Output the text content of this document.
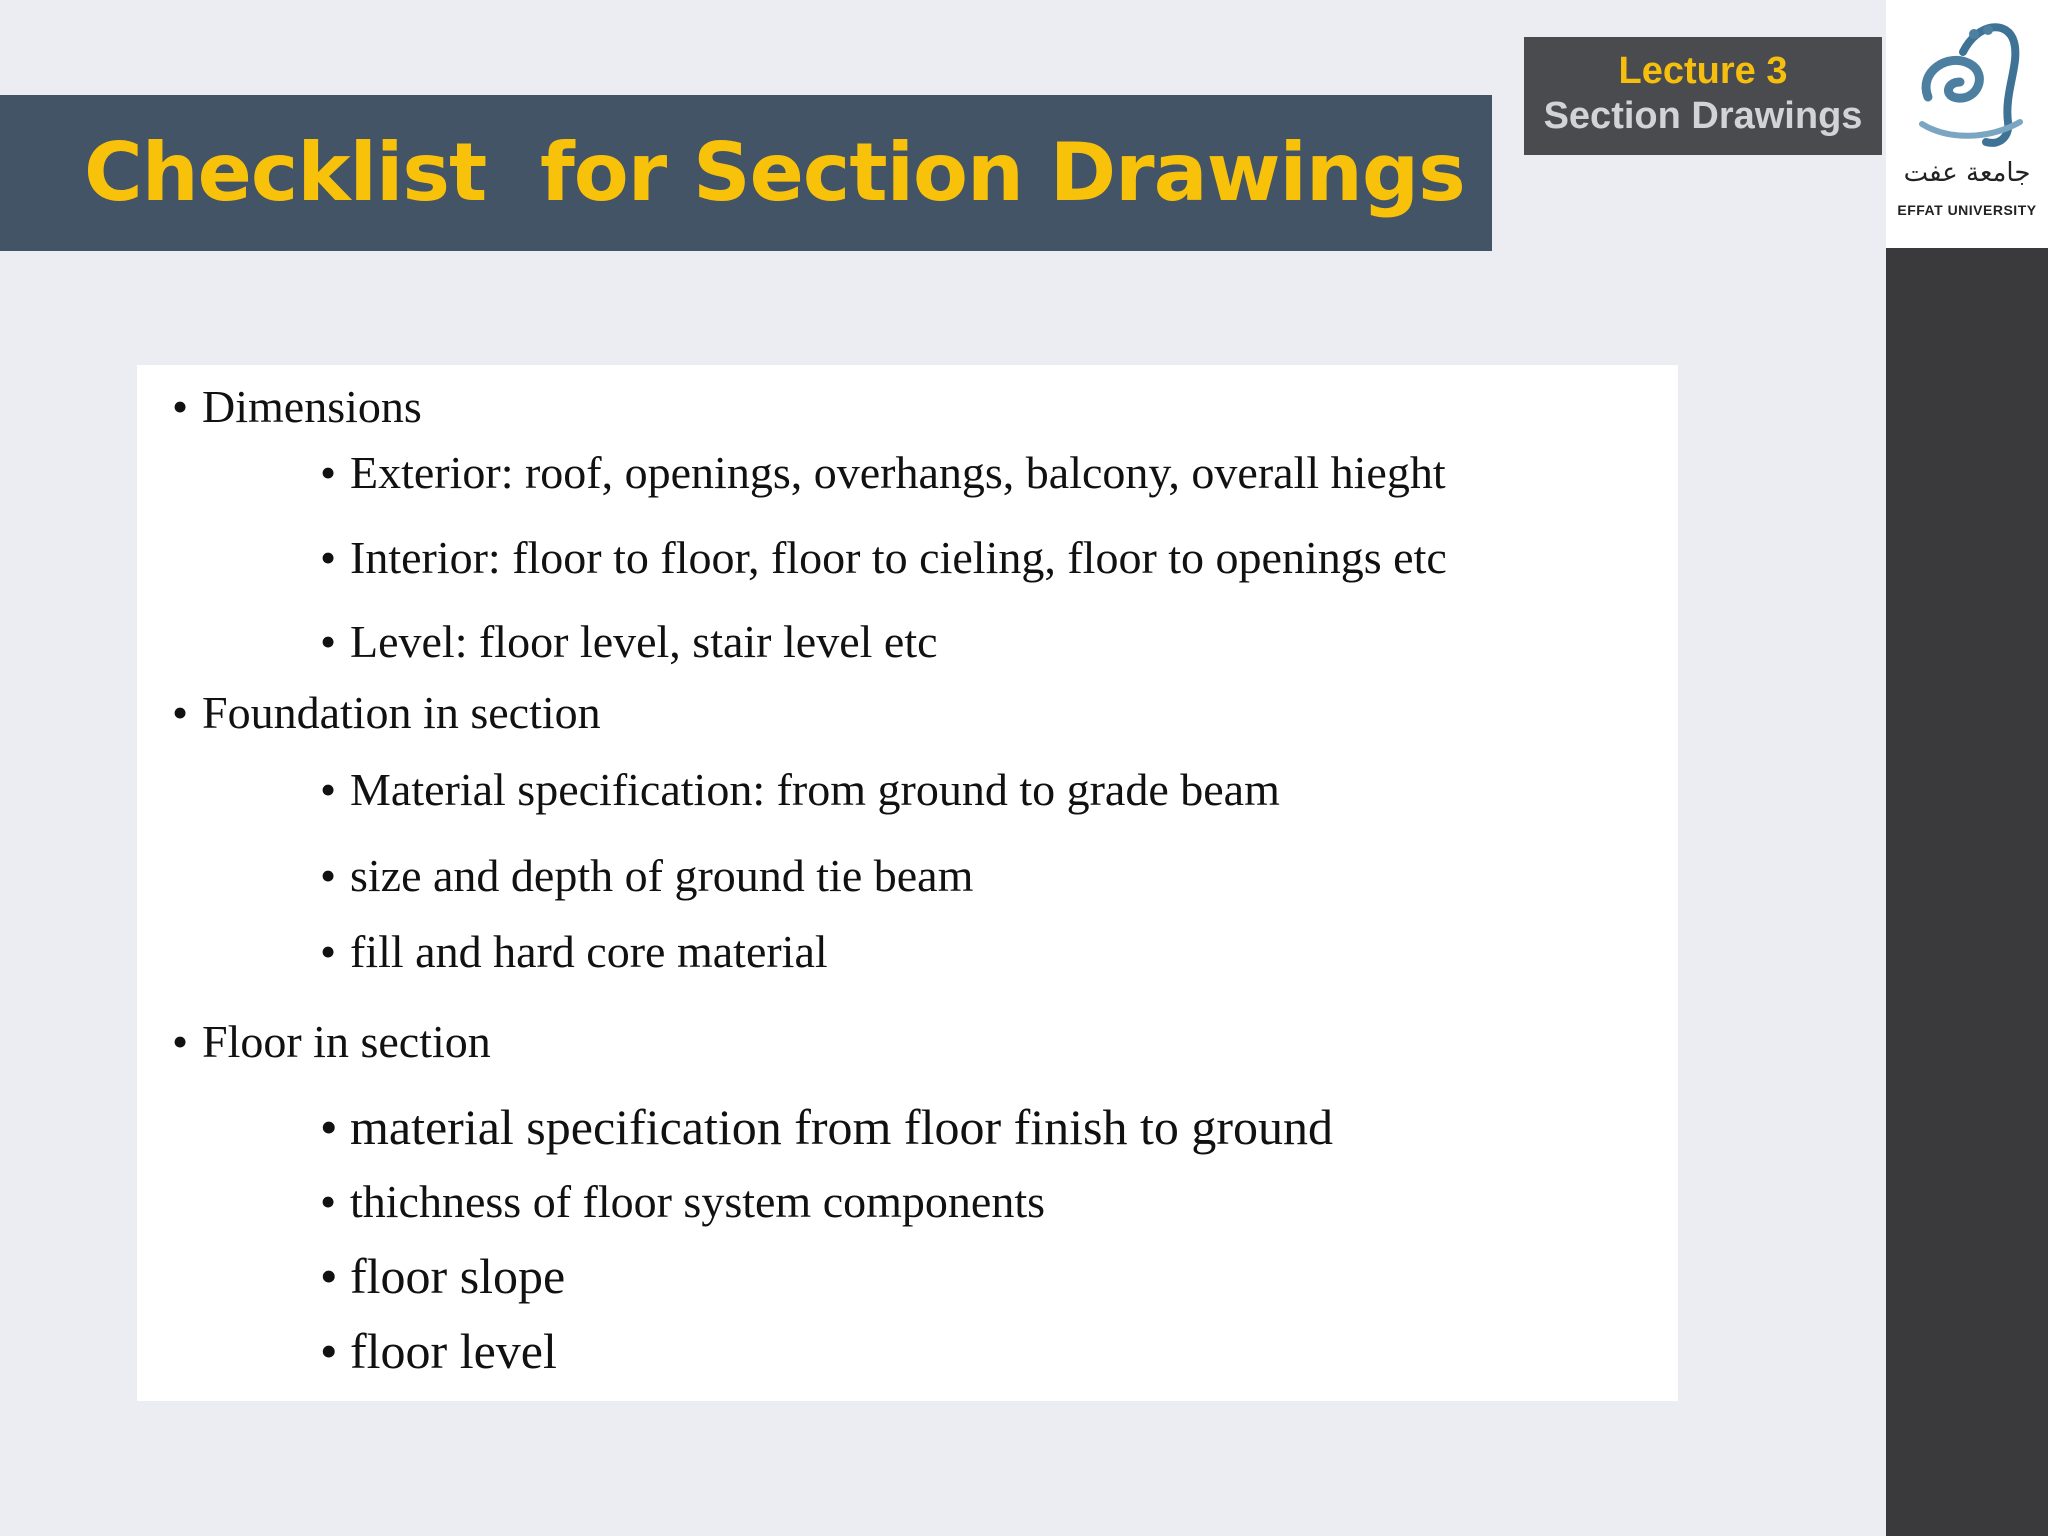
Checklist  for Section Drawings
Lecture 3
Section Drawings
جامعة عفت
EFFAT UNIVERSITY
• Dimensions
• Exterior: roof, openings, overhangs, balcony, overall hieght
• Interior: floor to floor, floor to cieling, floor to openings etc
• Level: floor level, stair level etc
• Foundation in section
• Material specification: from ground to grade beam
• size and depth of ground tie beam
• fill and hard core material
• Floor in section
• material specification from floor finish to ground
• thichness of floor system components
• floor slope
• floor level
